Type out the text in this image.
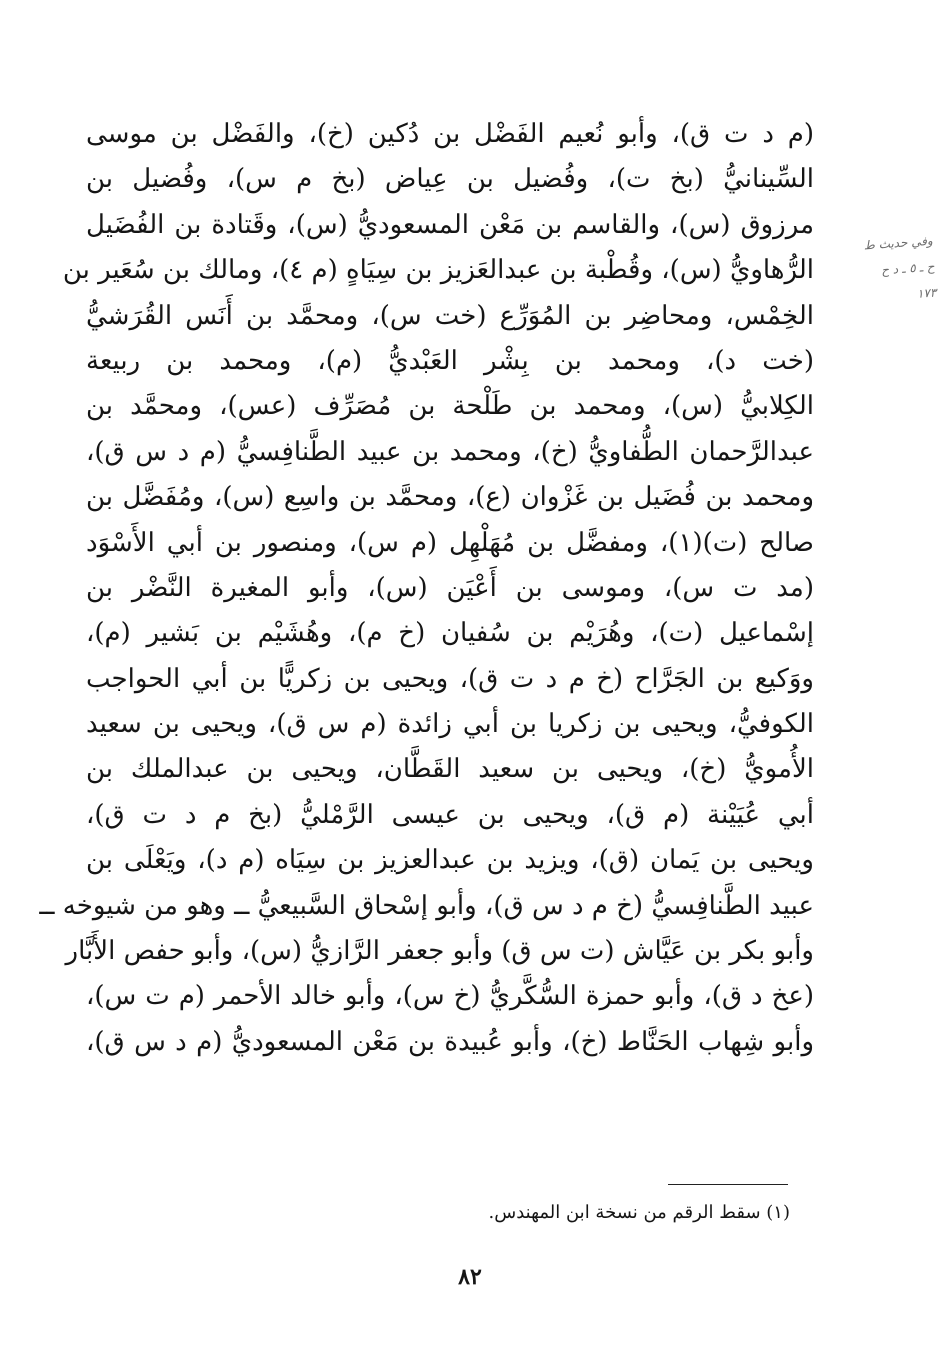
(م د ت ق)، وأبو نُعيم الفَضْل بن دُكين (خ)، والفَضْل بن موسى
السِّينانيُّ (بخ ت)، وفُضيل بن عِياض (بخ م س)، وفُضيل بن
مرزوق (س)، والقاسم بن مَعْن المسعوديُّ (س)، وقَتادة بن الفُضَيل
الرُّهاويُّ (س)، وقُطْبة بن عبدالعَزيز بن سِيَاهٍ (م ٤)، ومالك بن سُعَير بن
الخِمْس، ومحاضِر بن المُوَرِّع (خت س)، ومحمَّد بن أَنَس القُرَشيُّ
(خت د)، ومحمد بن بِشْر العَبْديُّ (م)، ومحمد بن ربيعة
الكِلابيُّ (س)، ومحمد بن طَلْحة بن مُصَرِّف (عس)، ومحمَّد بن
عبدالرَّحمان الطُّفاويُّ (خ)، ومحمد بن عبيد الطَّنافِسيُّ (م د س ق)،
ومحمد بن فُضَيل بن غَزْوان (ع)، ومحمَّد بن واسِع (س)، ومُفَضَّل بن
صالح (ت)(١)، ومفضَّل بن مُهَلْهِل (م س)، ومنصور بن أبي الأَسْوَد
(مد ت س)، وموسى بن أَعْيَن (س)، وأبو المغيرة النَّضْر بن
إسْماعيل (ت)، وهُرَيْم بن سُفيان (خ م)، وهُشَيْم بن بَشير (م)،
ووَكيع بن الجَرَّاح (خ م د ت ق)، ويحيى بن زكريًّا بن أبي الحواجب
الكوفيُّ، ويحيى بن زكريا بن أبي زائدة (م س ق)، ويحيى بن سعيد
الأُمويُّ (خ)، ويحيى بن سعيد القَطَّان، ويحيى بن عبدالملك بن
أبي عُيَيْنة (م ق)، ويحيى بن عيسى الرَّمْليُّ (بخ م د ت ق)،
ويحيى بن يَمان (ق)، ويزيد بن عبدالعزيز بن سِيَاه (م د)، ويَعْلَى بن
عبيد الطَّنافِسيُّ (خ م د س ق)، وأبو إسْحاق السَّبيعيُّ ــ وهو من شيوخه ــ
وأبو بكر بن عَيَّاش (ت س ق) وأبو جعفر الرَّازيُّ (س)، وأبو حفص الأَبَّار
(عخ د ق)، وأبو حمزة السُّكَّريُّ (خ س)، وأبو خالد الأحمر (م ت س)،
وأبو شِهاب الحَنَّاط (خ)، وأبو عُبيدة بن مَعْن المسعوديُّ (م د س ق)،
وفي حديث ط
ح ـ ٥ ـ د ح
١٧٣
(١) سقط الرقم من نسخة ابن المهندس.
٨٢
